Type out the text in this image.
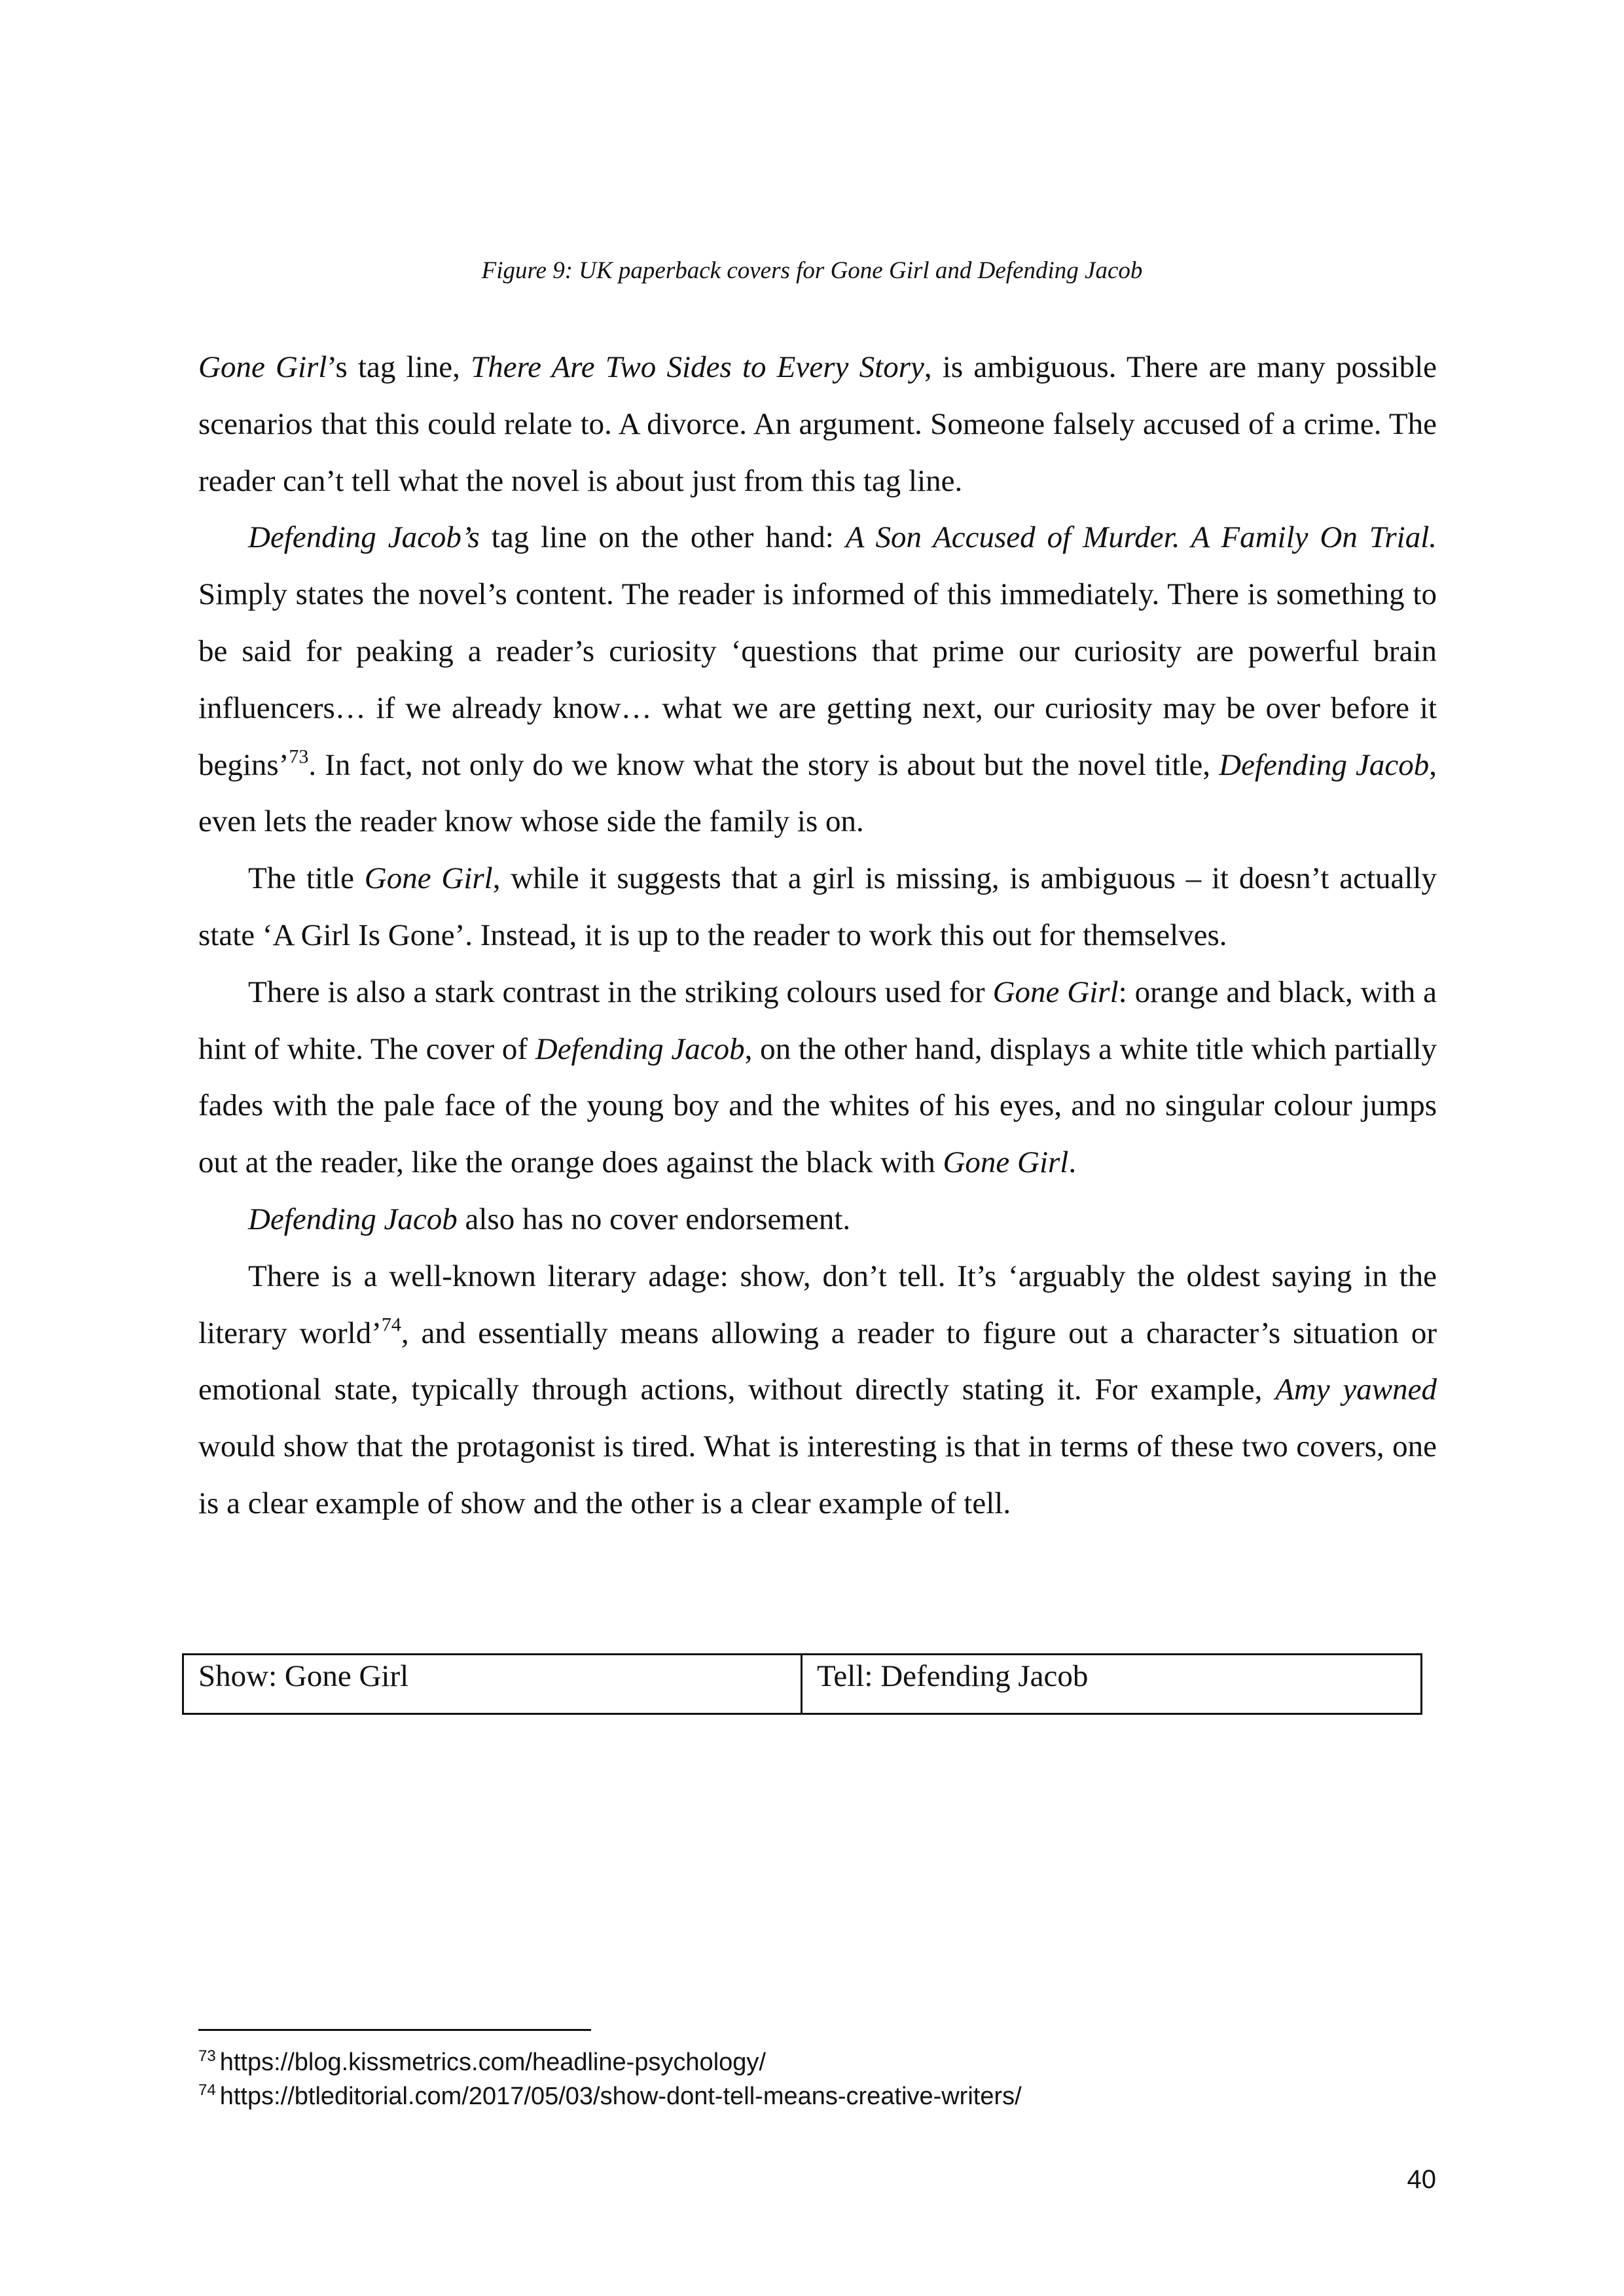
Figure 9: UK paperback covers for Gone Girl and Defending Jacob

Gone Girl’s tag line, There Are Two Sides to Every Story, is ambiguous. There are many possible scenarios that this could relate to. A divorce. An argument. Someone falsely accused of a crime. The reader can’t tell what the novel is about just from this tag line.

Defending Jacob’s tag line on the other hand: A Son Accused of Murder. A Family On Trial. Simply states the novel’s content. The reader is informed of this immediately. There is something to be said for peaking a reader’s curiosity ‘questions that prime our curiosity are powerful brain influencers… if we already know… what we are getting next, our curiosity may be over before it begins’$^{73}$. In fact, not only do we know what the story is about but the novel title, Defending Jacob, even lets the reader know whose side the family is on.

The title Gone Girl, while it suggests that a girl is missing, is ambiguous – it doesn’t actually state ‘A Girl Is Gone’. Instead, it is up to the reader to work this out for themselves.

There is also a stark contrast in the striking colours used for Gone Girl: orange and black, with a hint of white. The cover of Defending Jacob, on the other hand, displays a white title which partially fades with the pale face of the young boy and the whites of his eyes, and no singular colour jumps out at the reader, like the orange does against the black with Gone Girl.

Defending Jacob also has no cover endorsement.

There is a well-known literary adage: show, don’t tell. It’s ‘arguably the oldest saying in the literary world’$^{74}$, and essentially means allowing a reader to figure out a character’s situation or emotional state, typically through actions, without directly stating it. For example, Amy yawned would show that the protagonist is tired. What is interesting is that in terms of these two covers, one is a clear example of show and the other is a clear example of tell.

Show: Gone Girl	Tell: Defending Jacob
$^{73}$ https://blog.kissmetrics.com/headline-psychology/
$^{74}$ https://btleditorial.com/2017/05/03/show-dont-tell-means-creative-writers/
40
